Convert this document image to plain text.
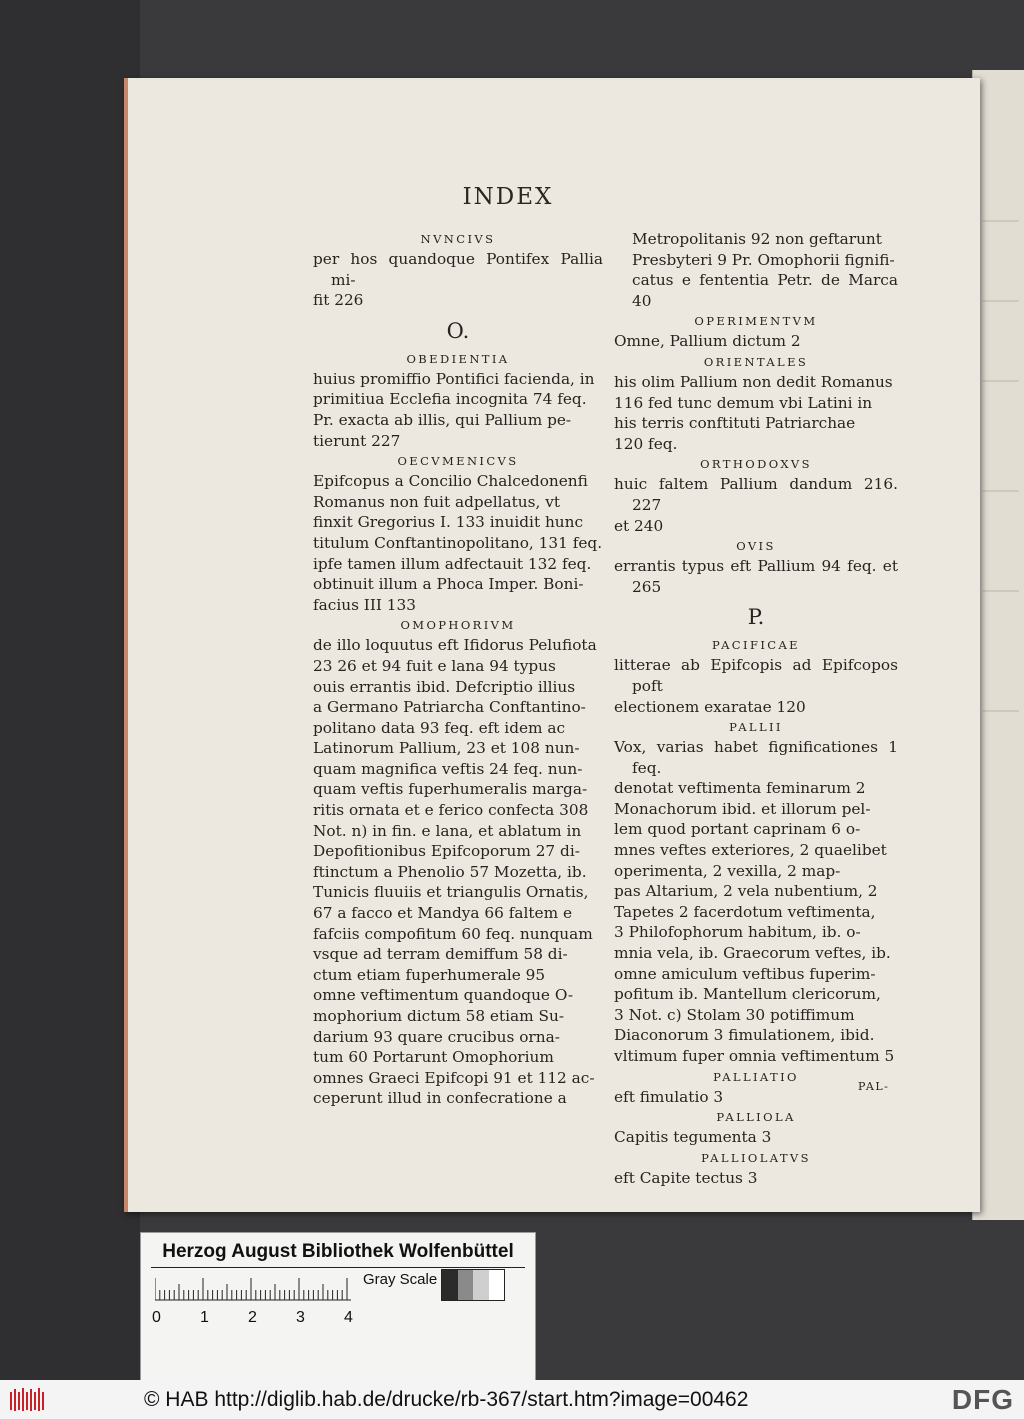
INDEX
NVNCIVS
per hos quandoque Pontifex Pallia mi-
fit 226
O.
OBEDIENTIA
huius promiffio Pontifici facienda, in
primitiua Ecclefia incognita 74 feq.
Pr. exacta ab illis, qui Pallium pe-
tierunt 227
OECVMENICVS
Epifcopus a Concilio Chalcedonenfi
Romanus non fuit adpellatus, vt
finxit Gregorius I. 133 inuidit hunc
titulum Conftantinopolitano, 131 feq.
ipfe tamen illum adfectauit 132 feq.
obtinuit illum a Phoca Imper. Boni-
facius III 133
OMOPHORIVM
de illo loquutus eft Ifidorus Pelufiota
23 26 et 94 fuit e lana 94 typus
ouis errantis ibid. Defcriptio illius
a Germano Patriarcha Conftantino-
politano data 93 feq. eft idem ac
Latinorum Pallium, 23 et 108 nun-
quam magnifica veftis 24 feq. nun-
quam veftis fuperhumeralis marga-
ritis ornata et e ferico confecta 308
Not. n) in fin. e lana, et ablatum in
Depofitionibus Epifcoporum 27 di-
ftinctum a Phenolio 57 Mozetta, ib.
Tunicis fluuiis et triangulis Ornatis,
67 a facco et Mandya 66 faltem e
fafciis compofitum 60 feq. nunquam
vsque ad terram demiffum 58 di-
ctum etiam fuperhumerale 95
omne veftimentum quandoque O-
mophorium dictum 58 etiam Su-
darium 93 quare crucibus orna-
tum 60 Portarunt Omophorium
omnes Graeci Epifcopi 91 et 112 ac-
ceperunt illud in confecratione a
Metropolitanis 92 non geftarunt
Presbyteri 9 Pr. Omophorii fignifi-
catus e fententia Petr. de Marca 40
OPERIMENTVM
Omne, Pallium dictum 2
ORIENTALES
his olim Pallium non dedit Romanus
116 fed tunc demum vbi Latini in
his terris conftituti Patriarchae
120 feq.
ORTHODOXVS
huic faltem Pallium dandum 216. 227
et 240
OVIS
errantis typus eft Pallium 94 feq. et 265
P.
PACIFICAE
litterae ab Epifcopis ad Epifcopos poft
electionem exaratae 120
PALLII
Vox, varias habet fignificationes 1 feq.
denotat veftimenta feminarum 2
Monachorum ibid. et illorum pel-
lem quod portant caprinam 6 o-
mnes veftes exteriores, 2 quaelibet
operimenta, 2 vexilla, 2 map-
pas Altarium, 2 vela nubentium, 2
Tapetes 2 facerdotum veftimenta,
3 Philofophorum habitum, ib. o-
mnia vela, ib. Graecorum veftes, ib.
omne amiculum veftibus fuperim-
pofitum ib. Mantellum clericorum,
3 Not. c) Stolam 30 potiffimum
Diaconorum 3 fimulationem, ibid.
vltimum fuper omnia veftimentum 5
PALLIATIO
eft fimulatio 3
PALLIOLA
Capitis tegumenta 3
PALLIOLATVS
eft Capite tectus 3
PAL-
Herzog August Bibliothek Wolfenbüttel
Gray Scale
0 1 2 3 4
© HAB http://diglib.hab.de/drucke/rb-367/start.htm?image=00462	DFG
